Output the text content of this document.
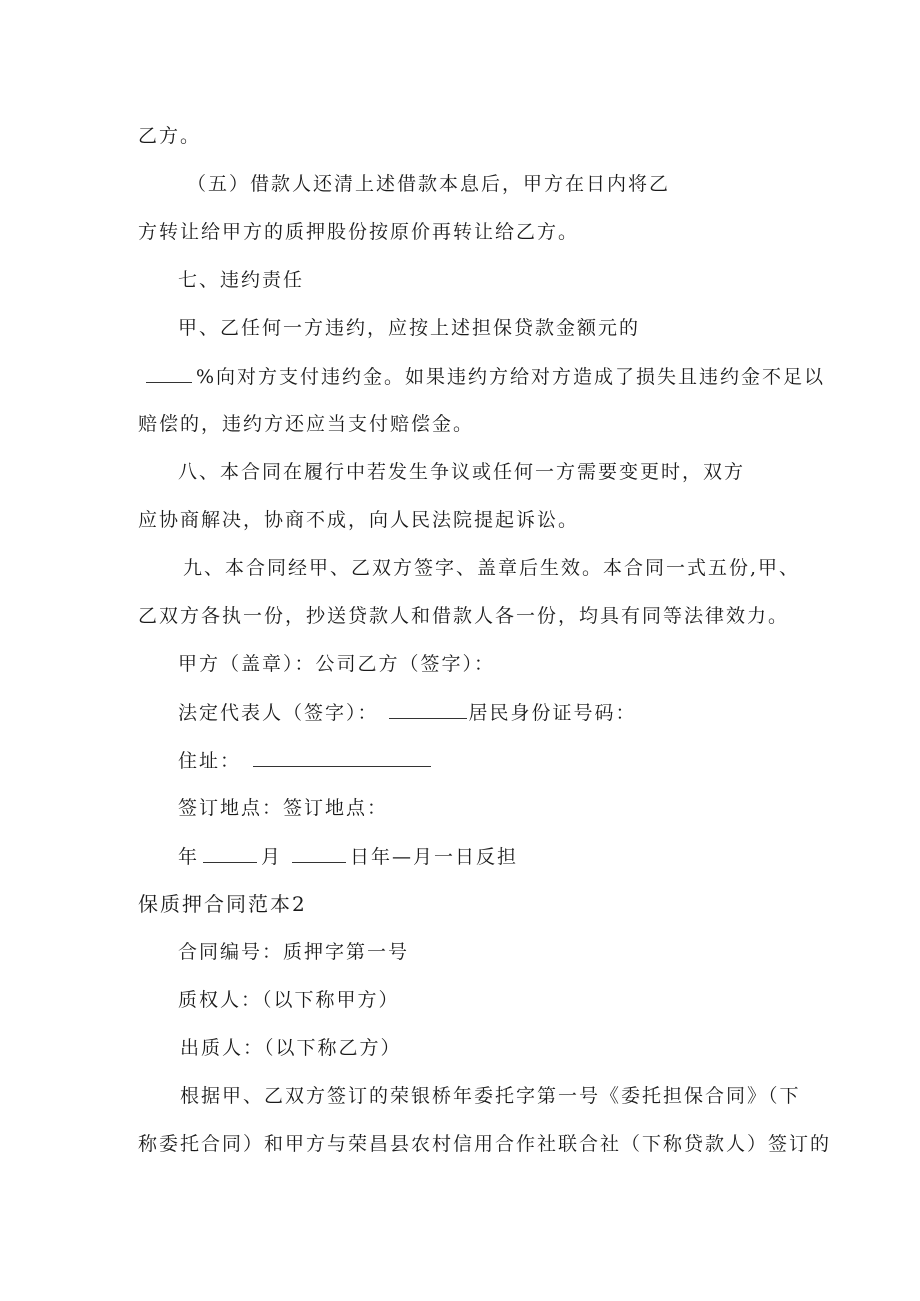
乙方。
（五）借款人还清上述借款本息后，甲方在日内将乙
方转让给甲方的质押股份按原价再转让给乙方。
七、违约责任
甲、乙任何一方违约，应按上述担保贷款金额元的
%向对方支付违约金。如果违约方给对方造成了损失且违约金不足以
赔偿的，违约方还应当支付赔偿金。
八、本合同在履行中若发生争议或任何一方需要变更时，双方
应协商解决，协商不成，向人民法院提起诉讼。
九、本合同经甲、乙双方签字、盖章后生效。本合同一式五份,甲、
乙双方各执一份，抄送贷款人和借款人各一份，均具有同等法律效力。
甲方（盖章）：公司乙方（签字）：
法定代表人（签字）：	居民身份证号码：
住址：
签订地点：签订地点：
年	月	日年—月一日反担
保质押合同范本2
合同编号：质押字第一号
质权人：（以下称甲方）
出质人：（以下称乙方）
根据甲、乙双方签订的荣银桥年委托字第一号《委托担保合同》（下
称委托合同）和甲方与荣昌县农村信用合作社联合社（下称贷款人）签订的
